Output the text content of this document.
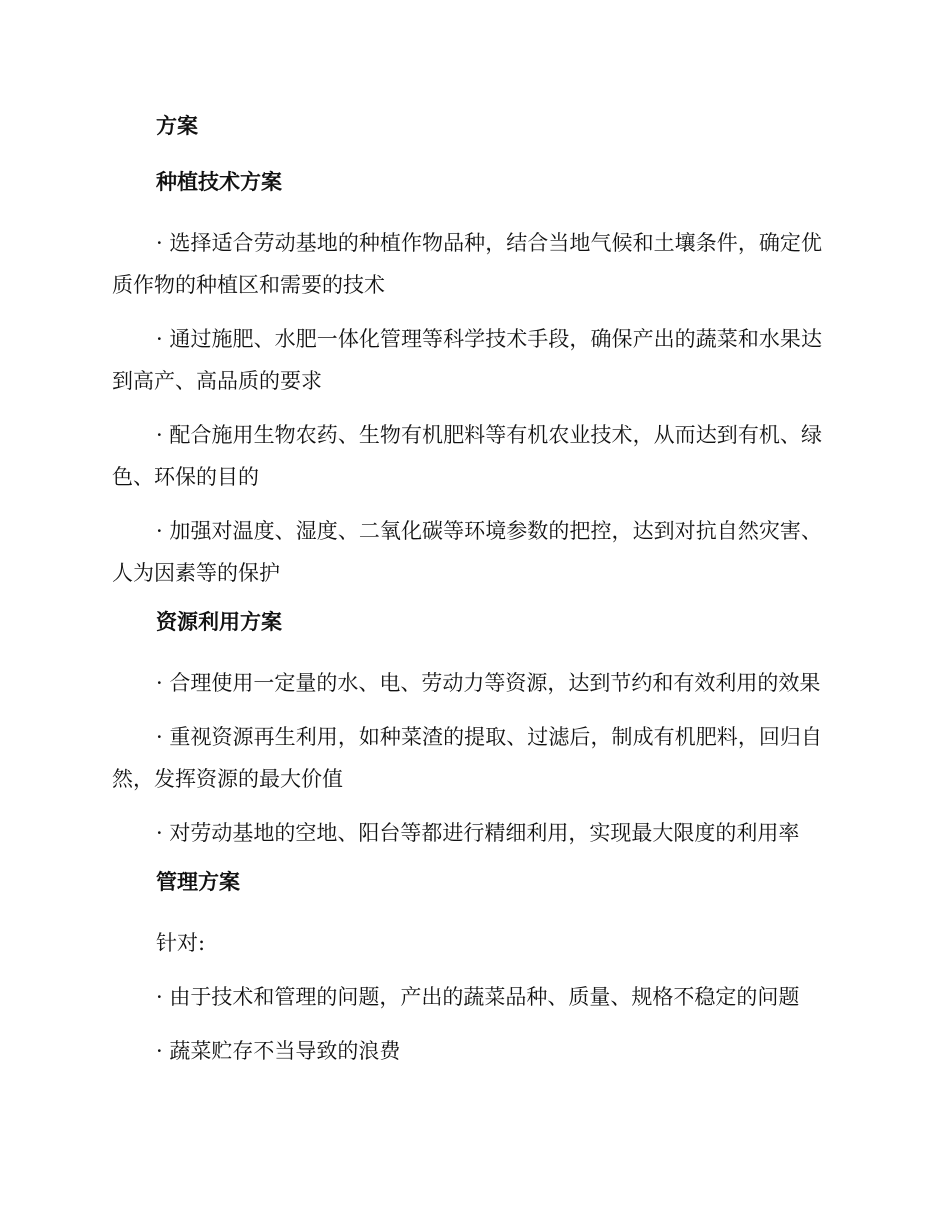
方案
种植技术方案

· 选择适合劳动基地的种植作物品种，结合当地气候和土壤条件，确定优质作物的种植区和需要的技术

· 通过施肥、水肥一体化管理等科学技术手段，确保产出的蔬菜和水果达到高产、高品质的要求

· 配合施用生物农药、生物有机肥料等有机农业技术，从而达到有机、绿色、环保的目的

· 加强对温度、湿度、二氧化碳等环境参数的把控，达到对抗自然灾害、人为因素等的保护

资源利用方案

· 合理使用一定量的水、电、劳动力等资源，达到节约和有效利用的效果

· 重视资源再生利用，如种菜渣的提取、过滤后，制成有机肥料，回归自然，发挥资源的最大价值

· 对劳动基地的空地、阳台等都进行精细利用，实现最大限度的利用率

管理方案

针对:

· 由于技术和管理的问题，产出的蔬菜品种、质量、规格不稳定的问题

· 蔬菜贮存不当导致的浪费
